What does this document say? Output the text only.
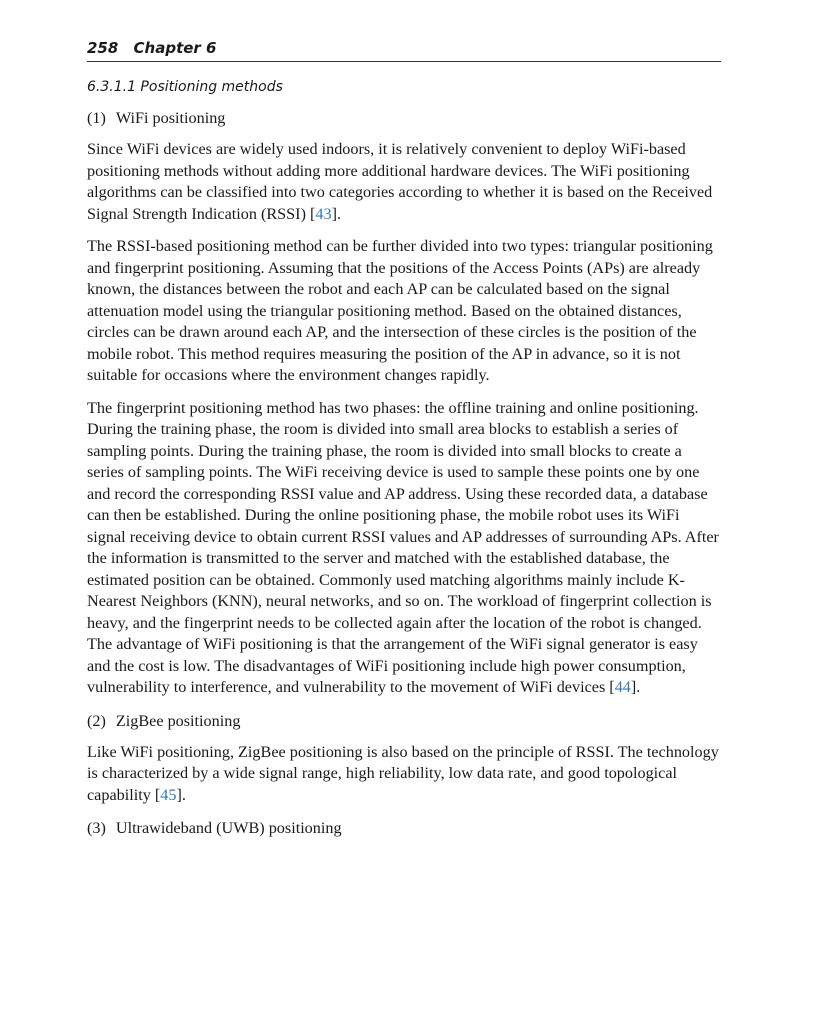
258 Chapter 6
6.3.1.1 Positioning methods
(1) WiFi positioning

Since WiFi devices are widely used indoors, it is relatively convenient to deploy WiFi-based positioning methods without adding more additional hardware devices. The WiFi positioning algorithms can be classified into two categories according to whether it is based on the Received Signal Strength Indication (RSSI) [43].

The RSSI-based positioning method can be further divided into two types: triangular positioning and fingerprint positioning. Assuming that the positions of the Access Points (APs) are already known, the distances between the robot and each AP can be calculated based on the signal attenuation model using the triangular positioning method. Based on the obtained distances, circles can be drawn around each AP, and the intersection of these circles is the position of the mobile robot. This method requires measuring the position of the AP in advance, so it is not suitable for occasions where the environment changes rapidly.

The fingerprint positioning method has two phases: the offline training and online positioning. During the training phase, the room is divided into small area blocks to establish a series of sampling points. During the training phase, the room is divided into small blocks to create a series of sampling points. The WiFi receiving device is used to sample these points one by one and record the corresponding RSSI value and AP address. Using these recorded data, a database can then be established. During the online positioning phase, the mobile robot uses its WiFi signal receiving device to obtain current RSSI values and AP addresses of surrounding APs. After the information is transmitted to the server and matched with the established database, the estimated position can be obtained. Commonly used matching algorithms mainly include K-Nearest Neighbors (KNN), neural networks, and so on. The workload of fingerprint collection is heavy, and the fingerprint needs to be collected again after the location of the robot is changed. The advantage of WiFi positioning is that the arrangement of the WiFi signal generator is easy and the cost is low. The disadvantages of WiFi positioning include high power consumption, vulnerability to interference, and vulnerability to the movement of WiFi devices [44].

(2) ZigBee positioning

Like WiFi positioning, ZigBee positioning is also based on the principle of RSSI. The technology is characterized by a wide signal range, high reliability, low data rate, and good topological capability [45].

(3) Ultrawideband (UWB) positioning
